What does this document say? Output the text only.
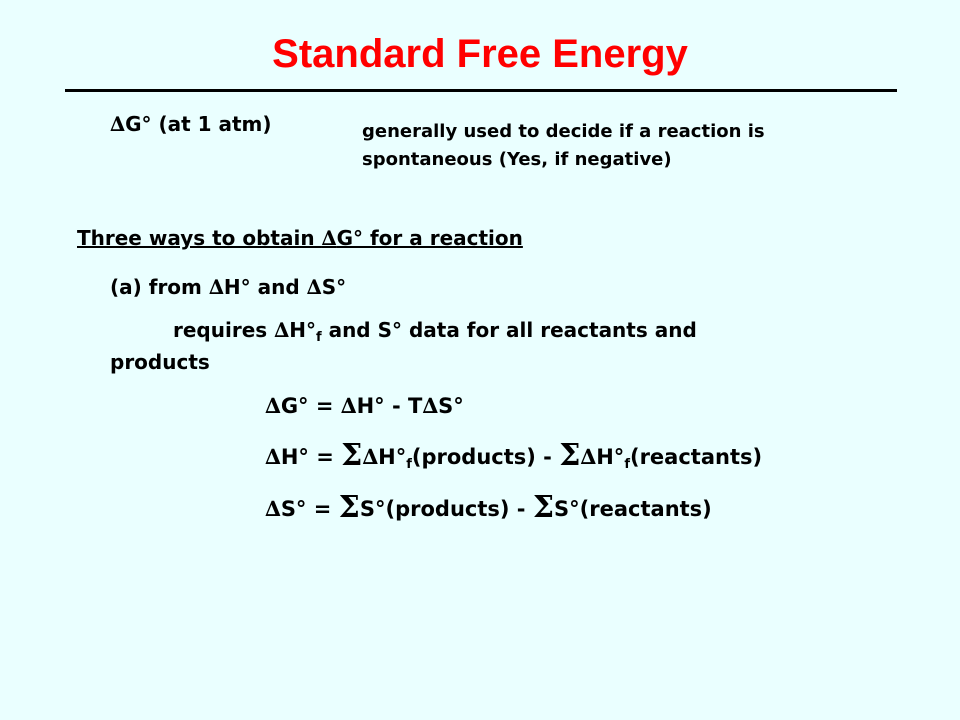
Standard Free Energy
∆G° (at 1 atm)	generally used to decide if a reaction is spontaneous (Yes, if negative)
Three ways to obtain ∆G° for a reaction
(a) from ∆H° and ∆S°
requires $\Delta H^\circ_f$ and S° data for all reactants and
products
∆G° = ∆H° - T∆S°
$\Delta H^\circ = \Sigma\Delta H^\circ_f(products)$ - $\Sigma\Delta H^\circ_f(reactants)$
∆S° = ΣS°(products) - ΣS°(reactants)
